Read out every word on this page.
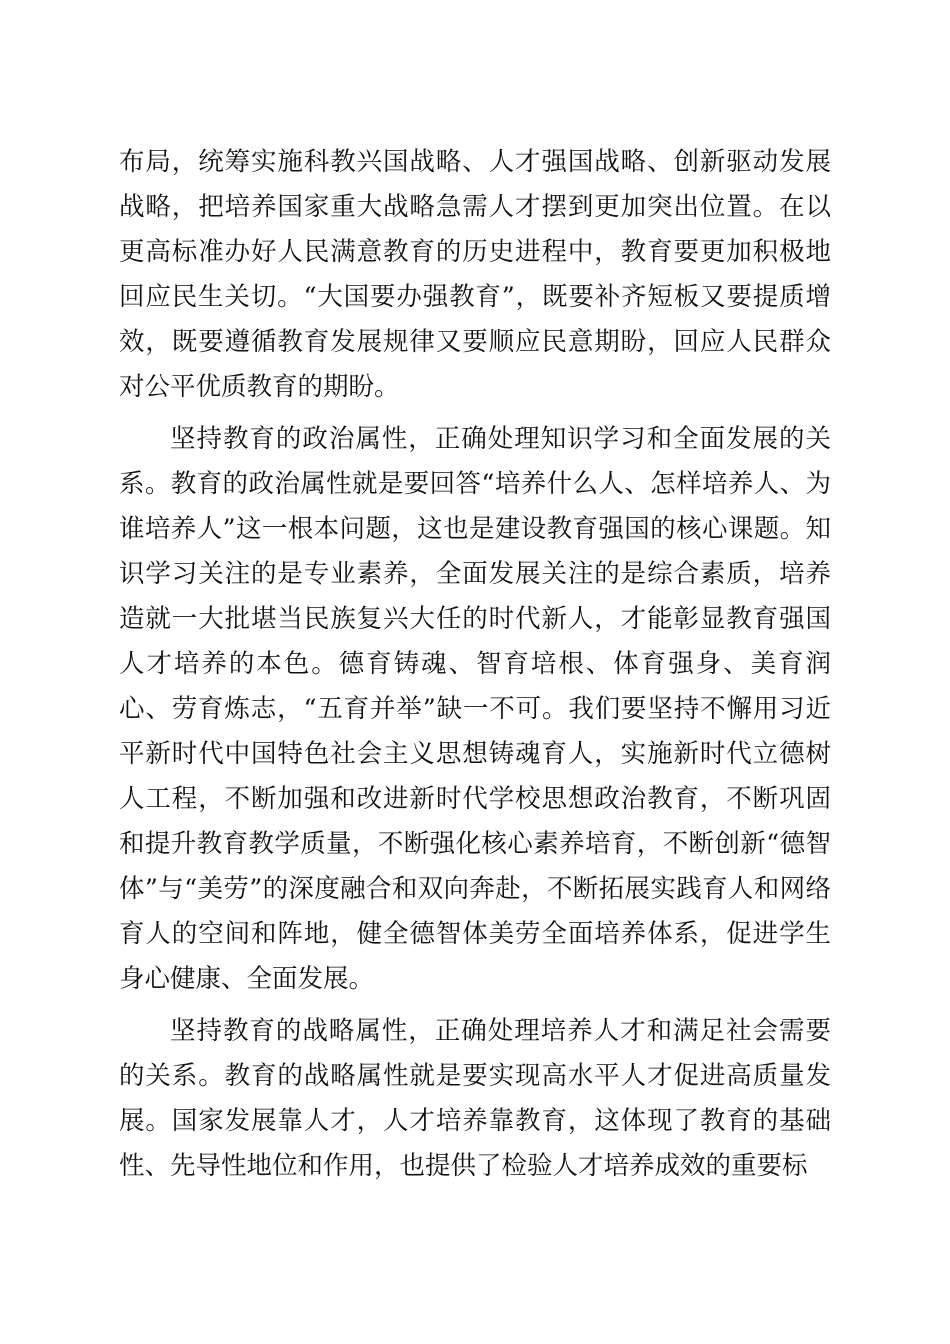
布局，统筹实施科教兴国战略、人才强国战略、创新驱动发展战略，把培养国家重大战略急需人才摆到更加突出位置。在以更高标准办好人民满意教育的历史进程中，教育要更加积极地回应民生关切。“大国要办强教育”，既要补齐短板又要提质增效，既要遵循教育发展规律又要顺应民意期盼，回应人民群众对公平优质教育的期盼。

坚持教育的政治属性，正确处理知识学习和全面发展的关系。教育的政治属性就是要回答“培养什么人、怎样培养人、为谁培养人”这一根本问题，这也是建设教育强国的核心课题。知识学习关注的是专业素养，全面发展关注的是综合素质，培养造就一大批堪当民族复兴大任的时代新人，才能彰显教育强国人才培养的本色。德育铸魂、智育培根、体育强身、美育润心、劳育炼志，“五育并举”缺一不可。我们要坚持不懈用习近平新时代中国特色社会主义思想铸魂育人，实施新时代立德树人工程，不断加强和改进新时代学校思想政治教育，不断巩固和提升教育教学质量，不断强化核心素养培育，不断创新“德智体”与“美劳”的深度融合和双向奔赴，不断拓展实践育人和网络育人的空间和阵地，健全德智体美劳全面培养体系，促进学生身心健康、全面发展。

坚持教育的战略属性，正确处理培养人才和满足社会需要的关系。教育的战略属性就是要实现高水平人才促进高质量发展。国家发展靠人才，人才培养靠教育，这体现了教育的基础性、先导性地位和作用，也提供了检验人才培养成效的重要标
